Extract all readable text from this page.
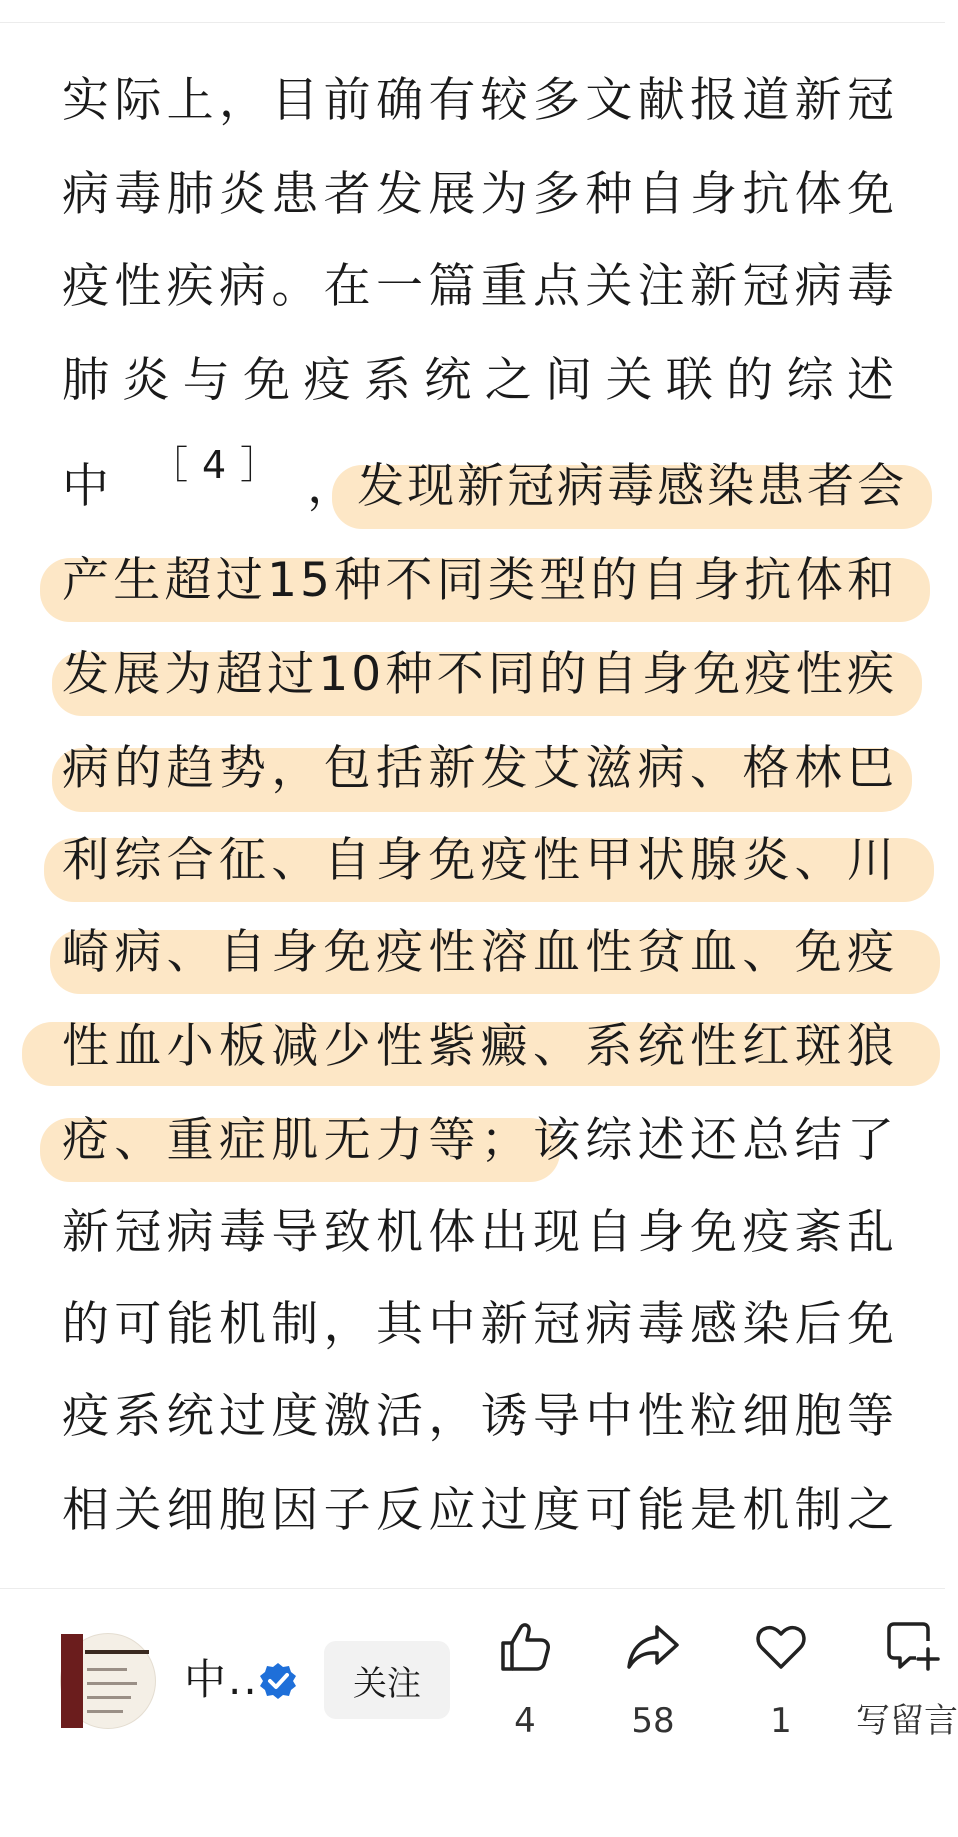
实际上，目前确有较多文献报道新冠
病毒肺炎患者发展为多种自身抗体免
疫性疾病。在一篇重点关注新冠病毒
肺炎与免疫系统之间关联的综述
中 $^{[4]}$ ，发现新冠病毒感染患者会
产生超过15种不同类型的自身抗体和
发展为超过10种不同的自身免疫性疾
病的趋势，包括新发艾滋病、格林巴
利综合征、自身免疫性甲状腺炎、川
崎病、自身免疫性溶血性贫血、免疫
性血小板减少性紫癜、系统性红斑狼
疮、重症肌无力等；该综述还总结了
新冠病毒导致机体出现自身免疫紊乱
的可能机制，其中新冠病毒感染后免
疫系统过度激活，诱导中性粒细胞等
相关细胞因子反应过度可能是机制之
中..	关注
4	58	1	写留言
